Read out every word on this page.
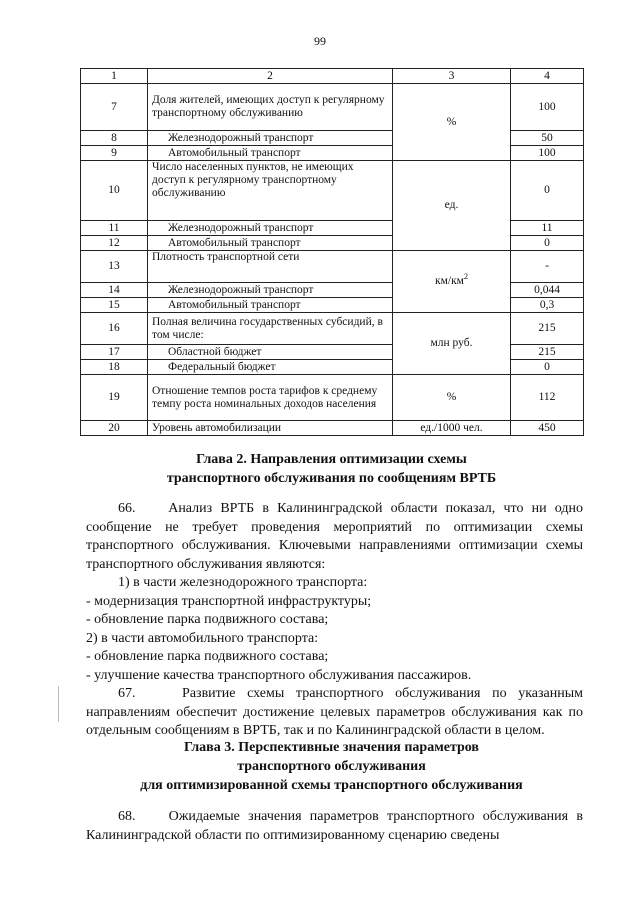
99
1	2	3	4
7	Доля жителей, имеющих доступ к регулярному транспортному обслуживанию	%	100
8	Железнодорожный транспорт		50
9	Автомобильный транспорт		100
10	Число населенных пунктов, не имеющих доступ к регулярному транспортному обслуживанию	ед.	0
11	Железнодорожный транспорт		11
12	Автомобильный транспорт		0
13	Плотность транспортной сети	$км/км^2$	-
14	Железнодорожный транспорт		0,044
15	Автомобильный транспорт		0,3
16	Полная величина государственных субсидий, в том числе:	млн руб.	215
17	Областной бюджет		215
18	Федеральный бюджет		0
19	Отношение темпов роста тарифов к среднему темпу роста номинальных доходов населения	%	112
20	Уровень автомобилизации	ед./1000 чел.	450
Глава 2. Направления оптимизации схемы
транспортного обслуживания по сообщениям ВРТБ

66.    Анализ ВРТБ в Калининградской области показал, что ни одно сообщение не требует проведения мероприятий по оптимизации схемы транспортного обслуживания. Ключевыми направлениями оптимизации схемы транспортного обслуживания являются:

1) в части железнодорожного транспорта:

- модернизация транспортной инфраструктуры;

- обновление парка подвижного состава;

2) в части автомобильного транспорта:

- обновление парка подвижного состава;

- улучшение качества транспортного обслуживания пассажиров.

67.    Развитие схемы транспортного обслуживания по указанным направлениям обеспечит достижение целевых параметров обслуживания как по отдельным сообщениям в ВРТБ, так и по Калининградской области в целом.

Глава 3. Перспективные значения параметров
транспортного обслуживания
для оптимизированной схемы транспортного обслуживания

68.    Ожидаемые значения параметров транспортного обслуживания в Калининградской области по оптимизированному сценарию сведены
